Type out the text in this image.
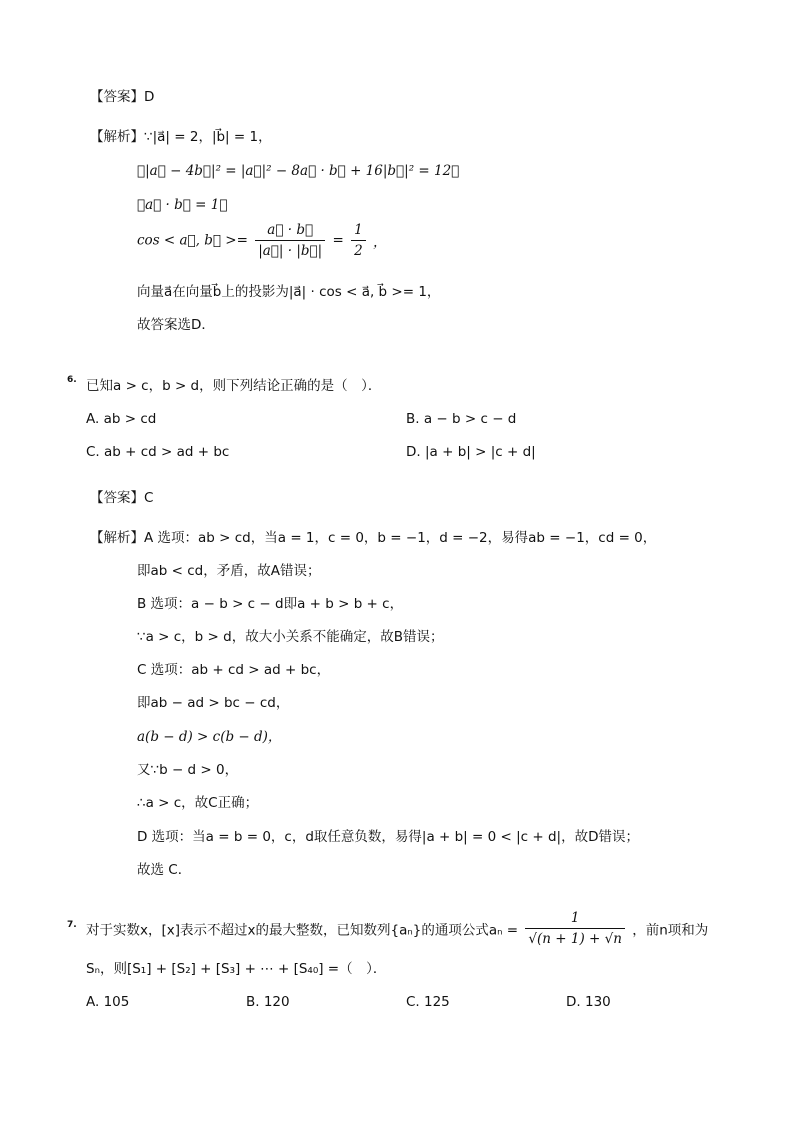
【答案】D
【解析】∵|a⃗| = 2，|b⃗| = 1，
∴|a⃗ − 4b⃗|² = |a⃗|² − 8a⃗ · b⃗ + 16|b⃗|² = 12，
∴a⃗ · b⃗ = 1，
cos < a⃗, b⃗ >= $\frac{a⃗ \cdot b⃗}{|a⃗| \cdot |b⃗|} = \frac{1}{2}$ ，
向量a⃗在向量b⃗上的投影为|a⃗| · cos < a⃗, b⃗ >= 1，
故答案选D．
6. 已知a > c，b > d，则下列结论正确的是（　）．
A. ab > cd	B. a − b > c − d
C. ab + cd > ad + bc	D. |a + b| > |c + d|
【答案】C
【解析】A 选项：ab > cd，当a = 1，c = 0，b = −1，d = −2，易得ab = −1，cd = 0，
即ab < cd，矛盾，故A错误；
B 选项：a − b > c − d即a + b > b + c，
∵a > c，b > d，故大小关系不能确定，故B错误；
C 选项：ab + cd > ad + bc，
即ab − ad > bc − cd，
a(b − d) > c(b − d)，
又∵b − d > 0，
∴a > c，故C正确；
D 选项：当a = b = 0，c，d取任意负数，易得|a + b| = 0 < |c + d|，故D错误；
故选 C．
7. 对于实数x，[x]表示不超过x的最大整数，已知数列{aₙ}的通项公式$a_n = \frac{1}{√(n + 1) + √n}$ ，前n项和为
Sₙ，则[S₁] + [S₂] + [S₃] + ⋯ + [S₄₀] =（　）．
A. 105	B. 120	C. 125	D. 130
